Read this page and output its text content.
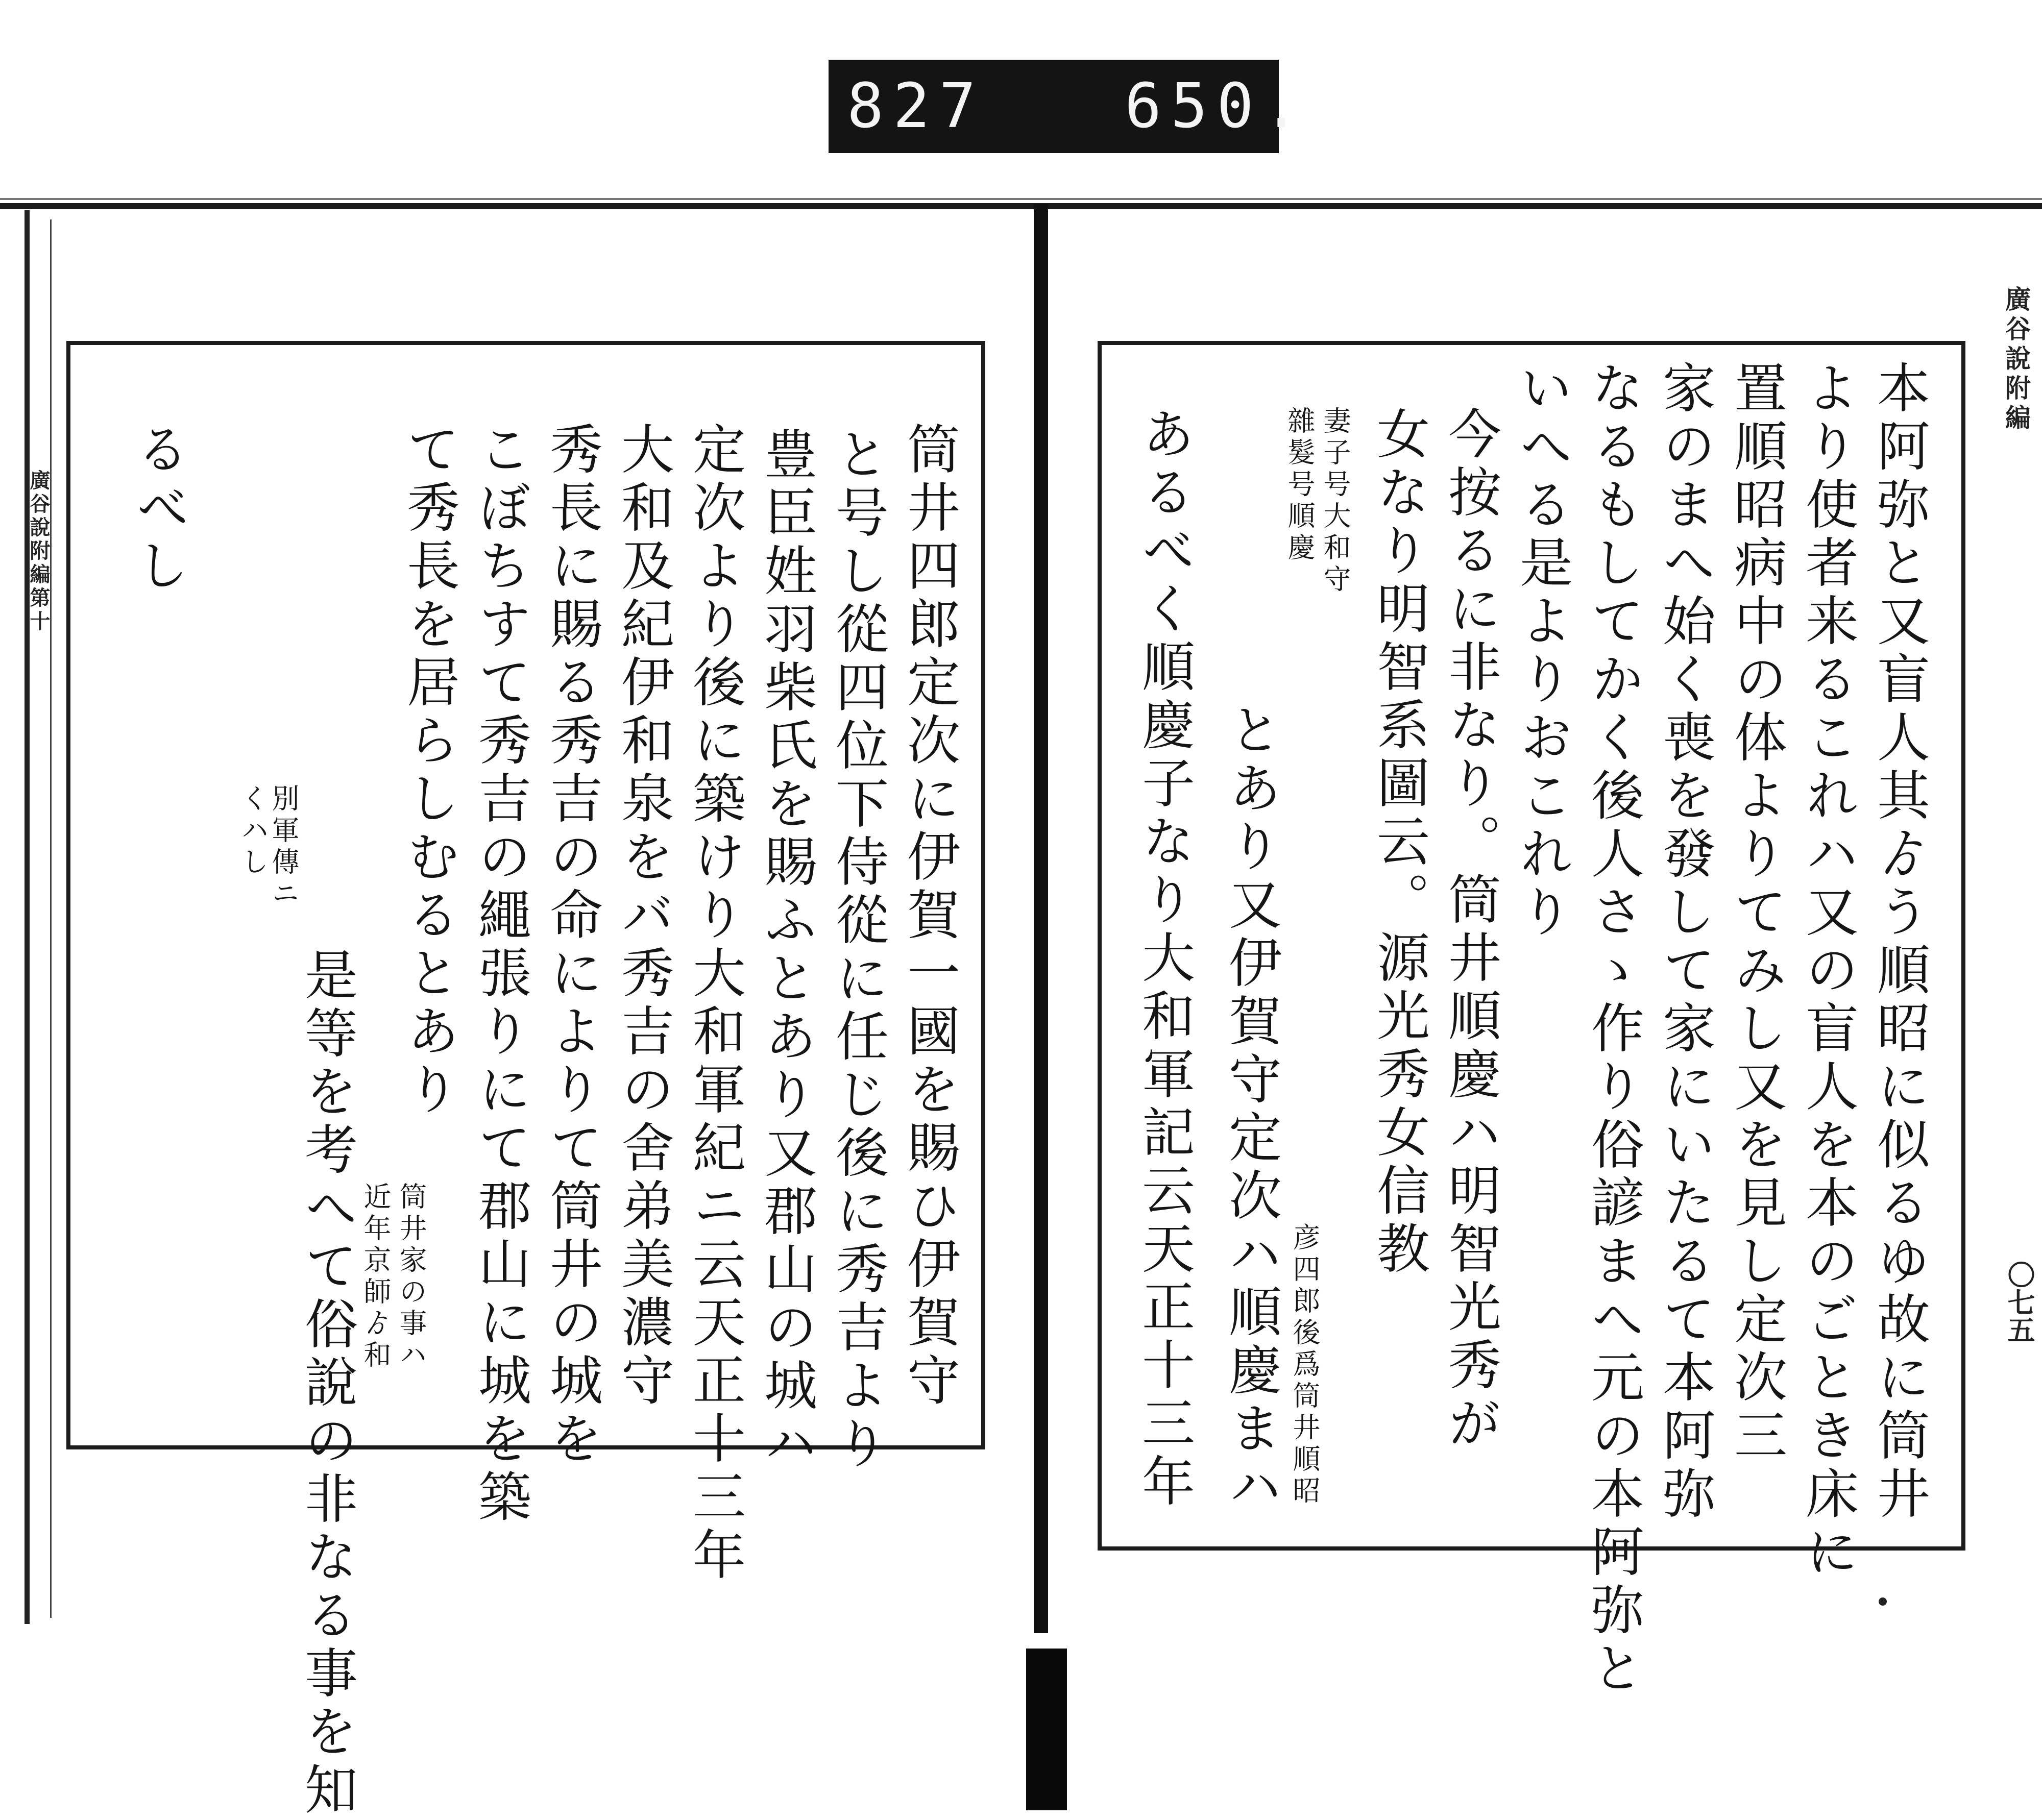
827 650.
廣谷說附編第十
廣谷說附編
〇七五
筒井四郎定次に伊賀一國を賜ひ伊賀守
と号し從四位下侍從に任じ後に秀吉より
豊臣姓羽柴氏を賜ふとあり又郡山の城ハ
定次より後に築けり大和軍紀ニ云天正十三年
大和及紀伊和泉をバ秀吉の舍弟美濃守
秀長に賜る秀吉の命によりて筒井の城を
こぼちすて秀吉の繩張りにて郡山に城を築
て秀長を居らしむるとあり
筒井家の事ハ
近年京師ゟ和
別軍傳ニ
くハし
是等を考へて俗說の非なる事を知
るべし	本阿弥と又盲人其ゟう順昭に似るゆ故に筒井
より使者来るこれハ又の盲人を本のごとき床に
置順昭病中の体よりてみし又を見し定次三
家のまへ始く喪を發して家にいたるて本阿弥
なるもしてかく後人さゝ作り俗諺まへ元の本阿弥と
いへる是よりおこれり
今按るに非なり。筒井順慶ハ明智光秀が
女なり明智系圖云。源光秀女信教
妻子号大和守
雜髮号順慶
彦四郎後爲筒井順昭
とあり又伊賀守定次ハ順慶まハ
あるべく順慶子なり大和軍記云天正十三年
